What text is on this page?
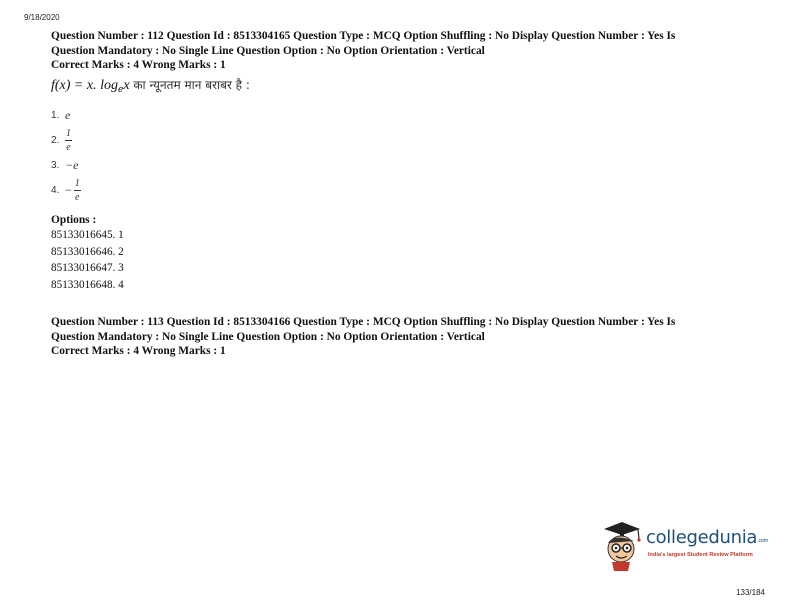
9/18/2020

Question Number : 112 Question Id : 8513304165 Question Type : MCQ Option Shuffling : No Display Question Number : Yes Is

Question Mandatory : No Single Line Question Option : No Option Orientation : Vertical

Correct Marks : 4 Wrong Marks : 1

f(x) = x. $\log_ex$ का न्यूनतम मान बराबर है :
1. e
2. $\frac{1}{e}$
3. −e
4. − $\frac{1}{e}$
Options :
85133016645. 1
85133016646. 2
85133016647. 3
85133016648. 4

Question Number : 113 Question Id : 8513304166 Question Type : MCQ Option Shuffling : No Display Question Number : Yes Is

Question Mandatory : No Single Line Question Option : No Option Orientation : Vertical

Correct Marks : 4 Wrong Marks : 1

collegedunia.com
India's largest Student Review Platform
133/184
